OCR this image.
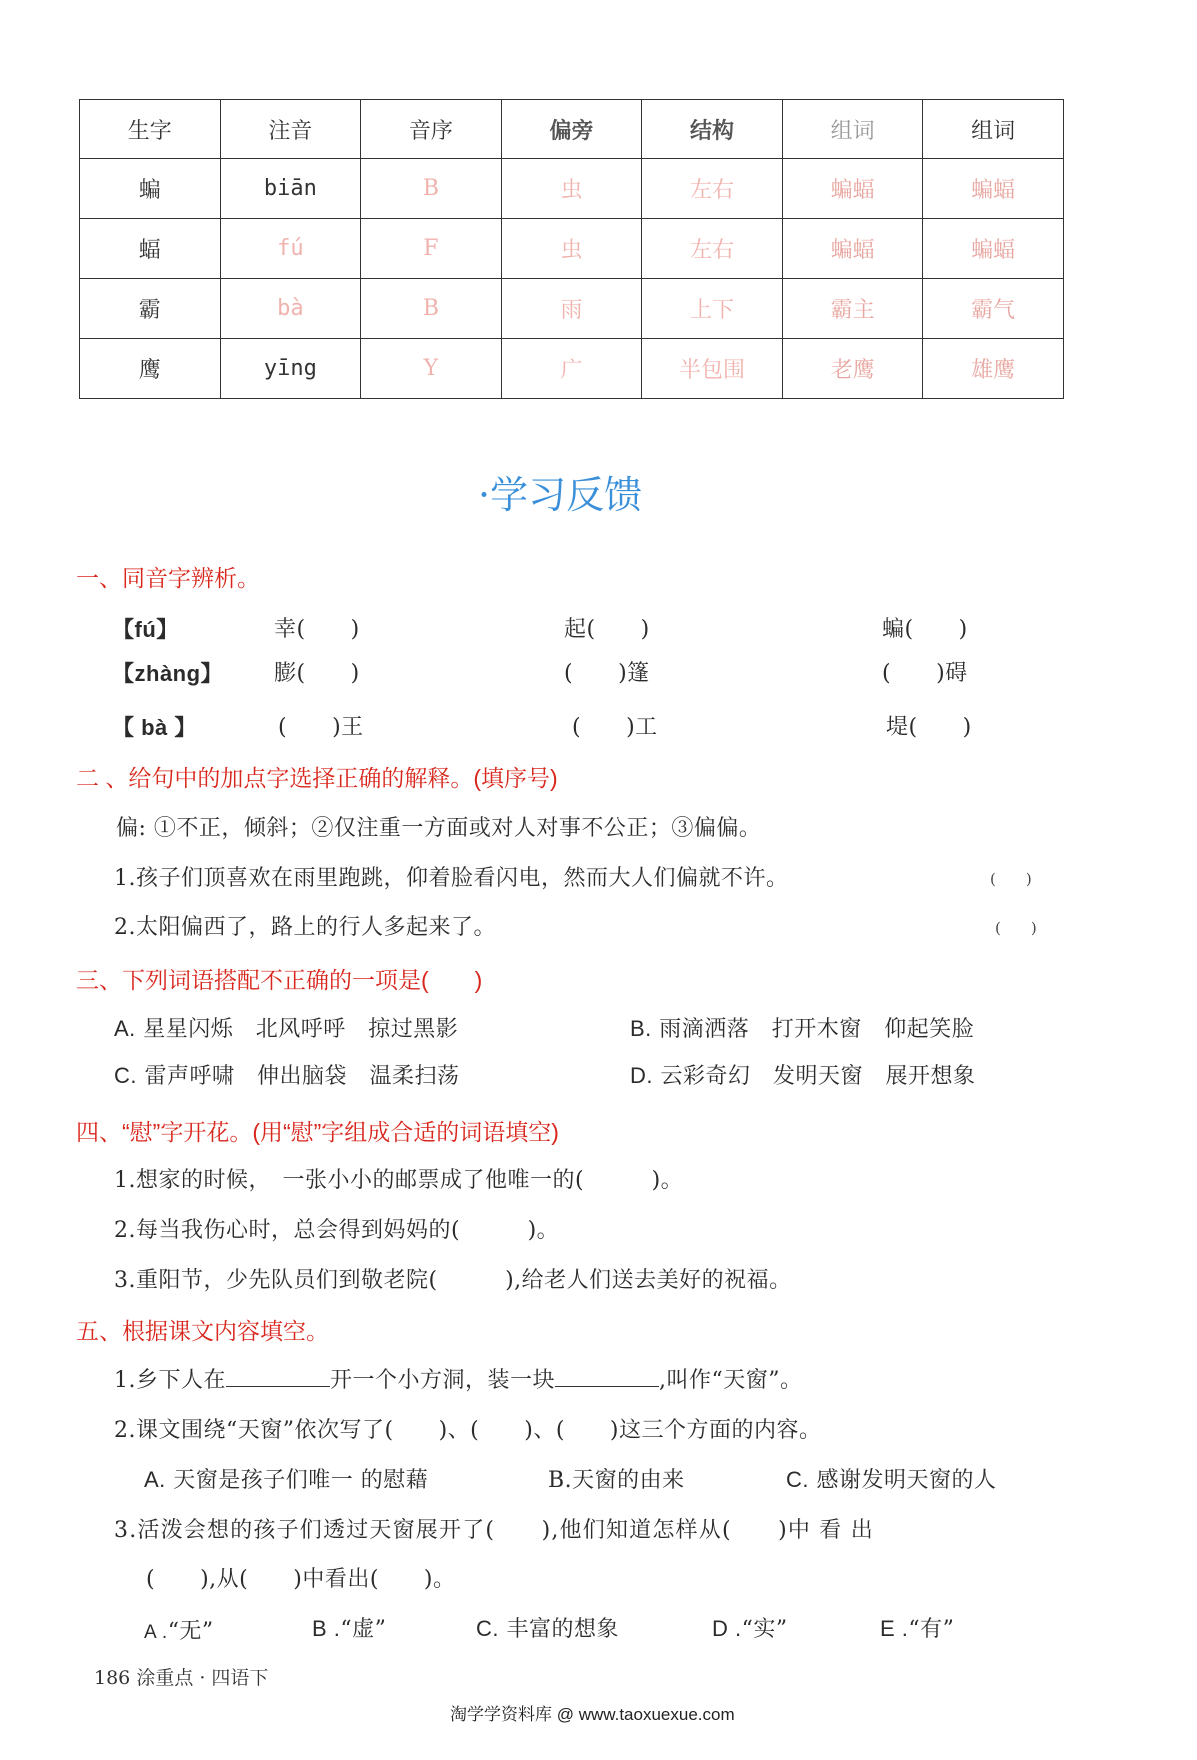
生字	注音	音序	偏旁	结构	组词	组词
蝙	biān	B	虫	左右	蝙蝠	蝙蝠
蝠	fú	F	虫	左右	蝙蝠	蝙蝠
霸	bà	B	雨	上下	霸主	霸气
鹰	yīng	Y	广	半包围	老鹰	雄鹰
·学习反馈
一、同音字辨析。
【fú】	幸(　　)	起(　　)	蝙(　　)
【zhàng】 膨(　　)	(　　)篷	(　　)碍
【 bà 】	(　　)王	(　　)工	堤(　　)
二 、给句中的加点字选择正确的解释。(填序号)
偏: ①不正，倾斜；②仅注重一方面或对人对事不公正；③偏偏。
1.孩子们顶喜欢在雨里跑跳，仰着脸看闪电，然而大人们偏就不许。	(　　)
2.太阳偏西了，路上的行人多起来了。	(　　)
三、下列词语搭配不正确的一项是(　　)
A. 星星闪烁　北风呼呼　掠过黑影	B. 雨滴洒落　打开木窗　仰起笑脸
C. 雷声呼啸　伸出脑袋　温柔扫荡	D. 云彩奇幻　发明天窗　展开想象
四、“慰”字开花。(用“慰”字组成合适的词语填空)
1.想家的时候，　一张小小的邮票成了他唯一的(　　　)。
2.每当我伤心时，总会得到妈妈的(　　　)。
3.重阳节，少先队员们到敬老院(　　　),给老人们送去美好的祝福。
五、根据课文内容填空。
1.乡下人在	开一个小方洞，装一块	,叫作“天窗”。
2.课文围绕“天窗”依次写了(　　)、(　　)、(　　)这三个方面的内容。
A. 天窗是孩子们唯一 的慰藉	B.天窗的由来	C. 感谢发明天窗的人
3.活泼会想的孩子们透过天窗展开了(　　),他们知道怎样从(　　)中 看 出
(　　),从(　　)中看出(　　)。
A .“无”	B .“虚”	C. 丰富的想象	D .“实”	E .“有”
186 涂重点 · 四语下
淘学学资料库 @ www.taoxuexue.com
